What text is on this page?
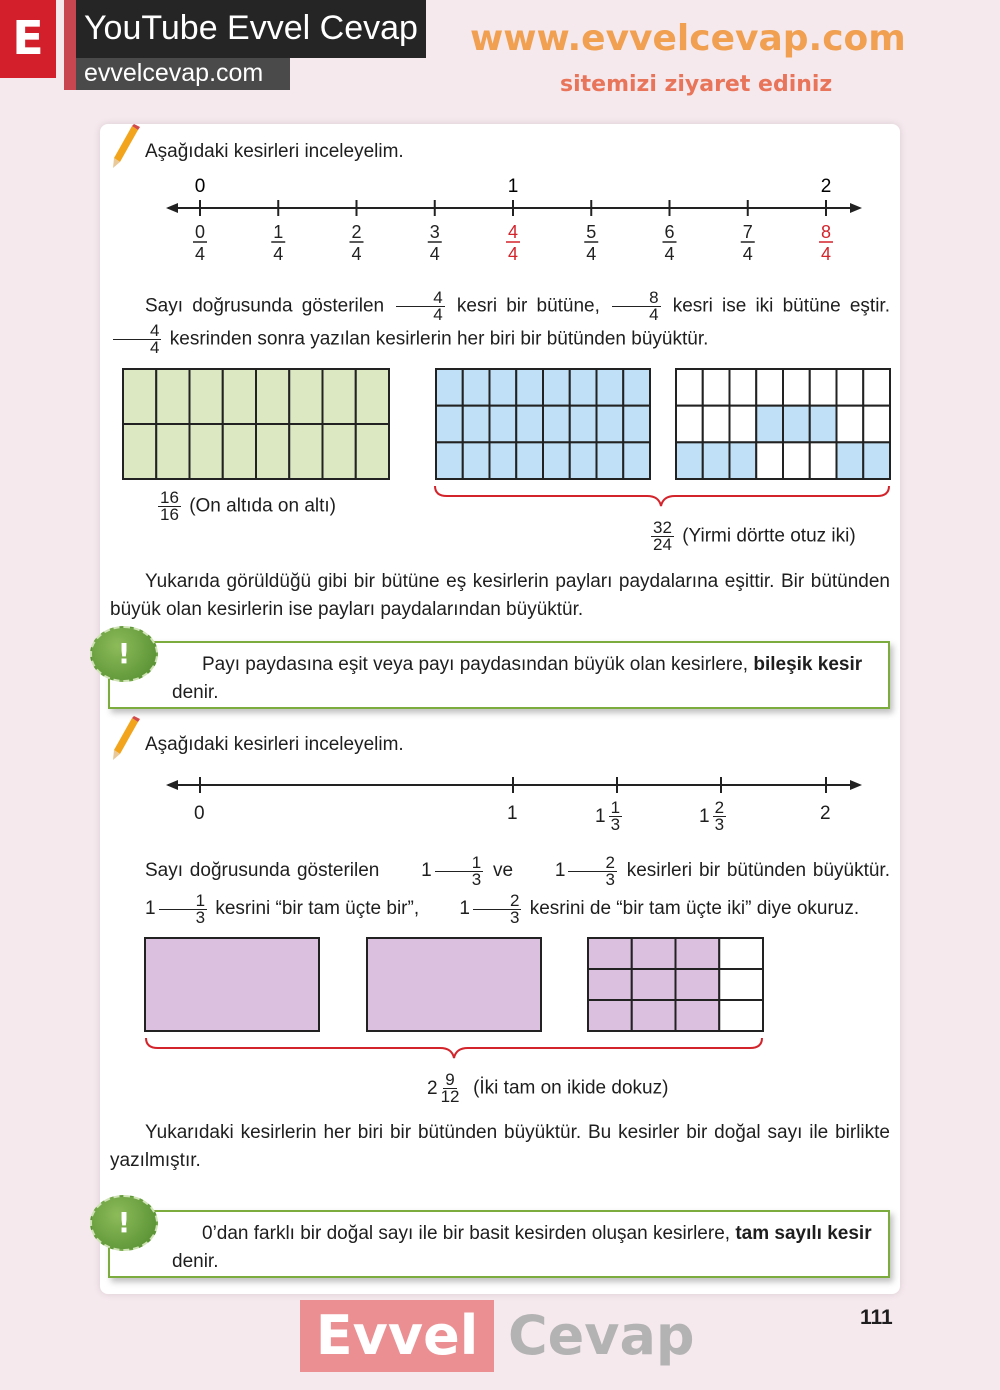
E	YouTube Evvel Cevap
evvelcevap.com
www.evvelcevap.com
sitemizi ziyaret ediniz
Aşağıdaki kesirleri inceleyelim.
0
4
1
4
2
4
3
4
4
4
5
4
6
4
7
4
8
4
0	1	2
Sayı doğrusunda gösterilen $\frac{4}{4}$ kesri bir bütüne, $\frac{8}{4}$ kesri ise iki bütüne eştir.
$\frac{4}{4}$ kesrinden sonra yazılan kesirlerin her biri bir bütünden büyüktür.
$\frac{16}{16} (On$ altıda on altı)
$\frac{32}{24}$ (Yirmi dörtte otuz iki)
Yukarıda görüldüğü gibi bir bütüne eş kesirlerin payları paydalarına eşittir. Bir bütünden büyük olan kesirlerin ise payları paydalarından büyüktür.
Payı paydasına eşit veya payı paydasından büyük olan kesirlere, bileşik kesir denir.
!
Aşağıdaki kesirleri inceleyelim.
0	1	$1 \frac{1}{3}$	$1 \frac{2}{3}$	2
Sayı doğrusunda gösterilen	$1 \frac{1}{3}$ ve	$1 \frac{2}{3}$ kesirleri bir bütünden büyüktür.
$1 \frac{1}{3}$ kesrini “bir tam üçte bir”,	$1 \frac{2}{3}$ kesrini de “bir tam üçte iki” diye okuruz.
$2 \frac{9}{12}$ (İki tam on ikide dokuz)
Yukarıdaki kesirlerin her biri bir bütünden büyüktür. Bu kesirler bir doğal sayı ile birlikte yazılmıştır.
0’dan farklı bir doğal sayı ile bir basit kesirden oluşan kesirlere, tam sayılı kesir denir.
!
111
Evvel Cevap
